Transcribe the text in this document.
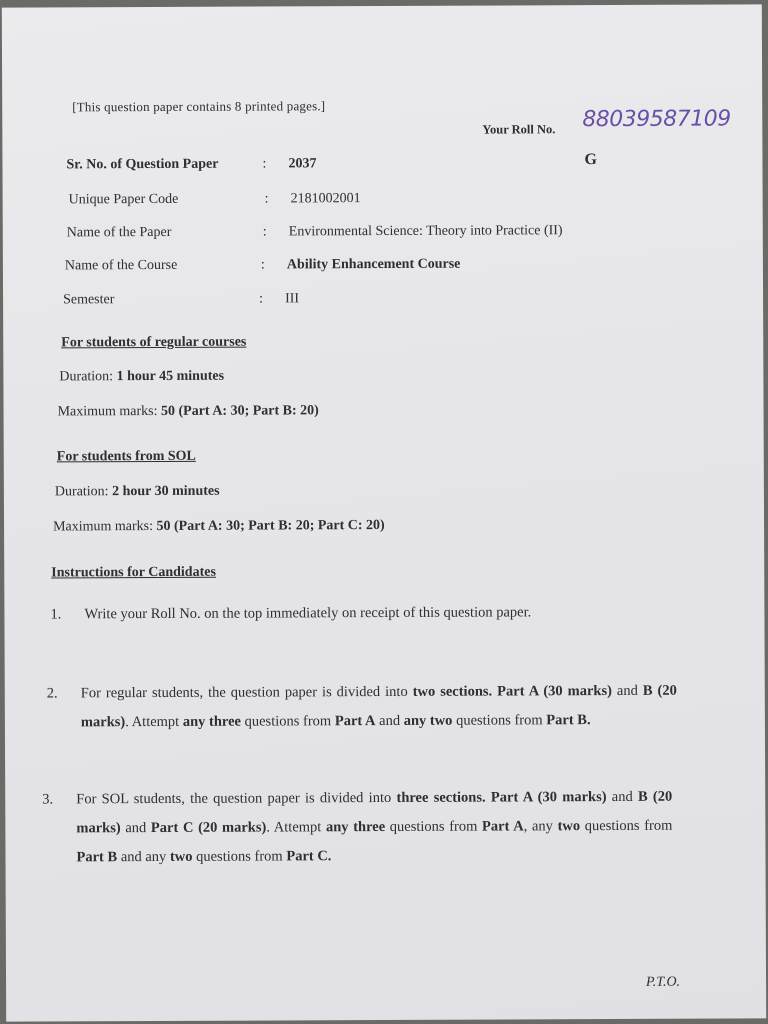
[This question paper contains 8 printed pages.]
Your Roll No. 88039587109
G
Sr. No. of Question Paper	: 2037
Unique Paper Code	: 2181002001
Name of the Paper	: Environmental Science: Theory into Practice (II)
Name of the Course	: Ability Enhancement Course
Semester	: III
For students of regular courses
Duration: 1 hour 45 minutes
Maximum marks: 50 (Part A: 30; Part B: 20)
For students from SOL
Duration: 2 hour 30 minutes
Maximum marks: 50 (Part A: 30; Part B: 20; Part C: 20)
Instructions for Candidates
1. Write your Roll No. on the top immediately on receipt of this question paper.
2. For regular students, the question paper is divided into two sections. Part A (30 marks) and B (20 marks). Attempt any three questions from Part A and any two questions from Part B.
3. For SOL students, the question paper is divided into three sections. Part A (30 marks) and B (20 marks) and Part C (20 marks). Attempt any three questions from Part A, any two questions from Part B and any two questions from Part C.
P.T.O.
